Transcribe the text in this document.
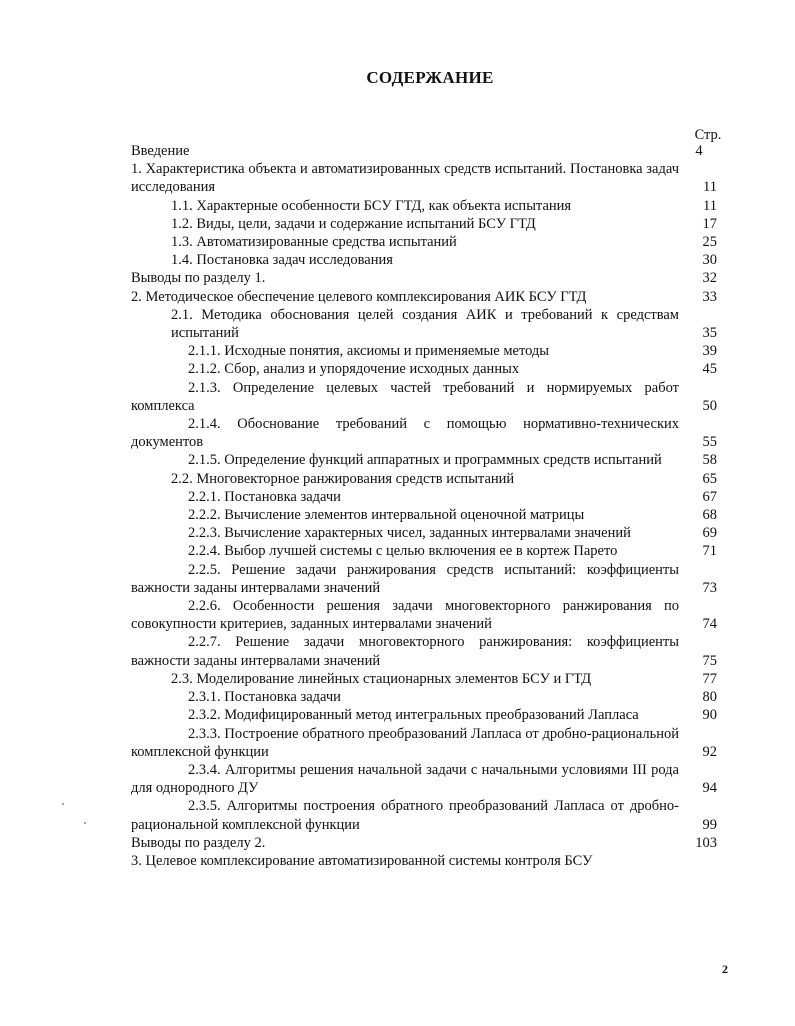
СОДЕРЖАНИЕ
Стр.
Введение	4
1. Характеристика объекта и автоматизированных средств испытаний. Постановка задач исследования	11
1.1. Характерные особенности БСУ ГТД, как объекта испытания	11
1.2. Виды, цели, задачи и содержание испытаний БСУ ГТД	17
1.3. Автоматизированные средства испытаний	25
1.4. Постановка задач исследования	30
Выводы по разделу 1.	32
2. Методическое обеспечение целевого комплексирования АИК БСУ ГТД	33
2.1. Методика обоснования целей создания АИК и требований к средствам испытаний	35
2.1.1. Исходные понятия, аксиомы и применяемые методы	39
2.1.2. Сбор, анализ и упорядочение исходных данных	45
2.1.3. Определение целевых частей требований и нормируемых работ комплекса	50
2.1.4. Обоснование требований с помощью нормативно-технических документов	55
2.1.5. Определение функций аппаратных и программных средств испытаний	58
2.2. Многовекторное ранжирования средств испытаний	65
2.2.1. Постановка задачи	67
2.2.2. Вычисление элементов интервальной оценочной матрицы	68
2.2.3. Вычисление характерных чисел, заданных интервалами значений	69
2.2.4. Выбор лучшей системы с целью включения ее в кортеж Парето	71
2.2.5. Решение задачи ранжирования средств испытаний: коэффициенты важности заданы интервалами значений	73
2.2.6. Особенности решения задачи многовекторного ранжирования по совокупности критериев, заданных интервалами значений	74
2.2.7. Решение задачи многовекторного ранжирования: коэффициенты важности заданы интервалами значений	75
2.3. Моделирование линейных стационарных элементов БСУ и ГТД	77
2.3.1. Постановка задачи	80
2.3.2. Модифицированный метод интегральных преобразований Лапласа	90
2.3.3. Построение обратного преобразований Лапласа от дробно-рациональной комплексной функции	92
2.3.4. Алгоритмы решения начальной задачи с начальными условиями III рода для однородного ДУ	94
2.3.5. Алгоритмы построения обратного преобразований Лапласа от дробно-рациональной комплексной функции	99
Выводы по разделу 2.	103
3. Целевое комплексирование автоматизированной системы контроля БСУ
2
